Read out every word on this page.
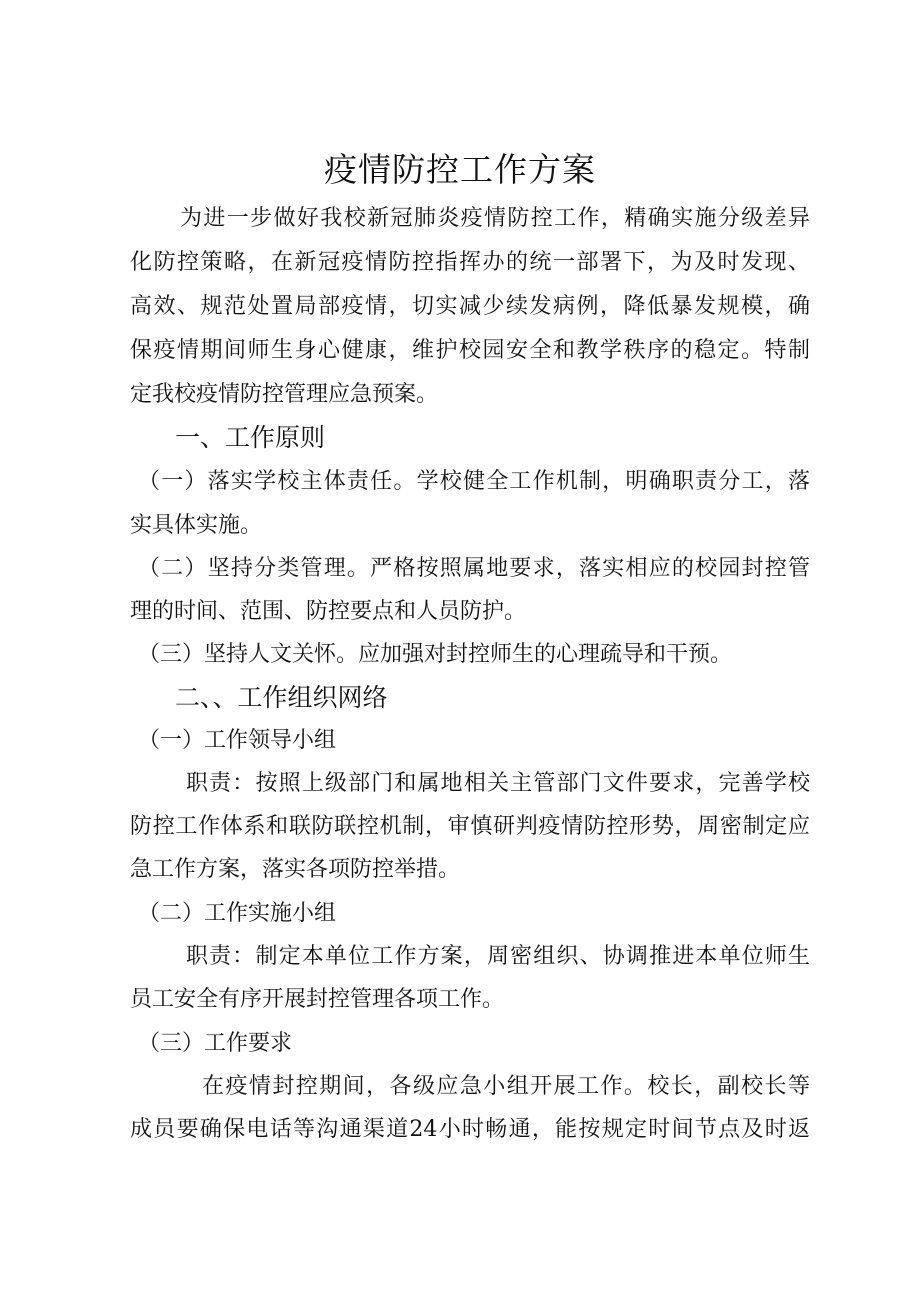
疫情防控工作方案
为进一步做好我校新冠肺炎疫情防控工作，精确实施分级差异
化防控策略，在新冠疫情防控指挥办的统一部署下，为及时发现、
高效、规范处置局部疫情，切实减少续发病例，降低暴发规模，确
保疫情期间师生身心健康，维护校园安全和教学秩序的稳定。特制
定我校疫情防控管理应急预案。
一、工作原则
（一）落实学校主体责任。学校健全工作机制，明确职责分工，落
实具体实施。
（二）坚持分类管理。严格按照属地要求，落实相应的校园封控管
理的时间、范围、防控要点和人员防护。
（三）坚持人文关怀。应加强对封控师生的心理疏导和干预。
二、、工作组织网络
（一）工作领导小组
职责：按照上级部门和属地相关主管部门文件要求，完善学校
防控工作体系和联防联控机制，审慎研判疫情防控形势，周密制定应
急工作方案，落实各项防控举措。
（二）工作实施小组
职责：制定本单位工作方案，周密组织、协调推进本单位师生
员工安全有序开展封控管理各项工作。
（三）工作要求
在疫情封控期间，各级应急小组开展工作。校长，副校长等
成员要确保电话等沟通渠道24小时畅通，能按规定时间节点及时返
